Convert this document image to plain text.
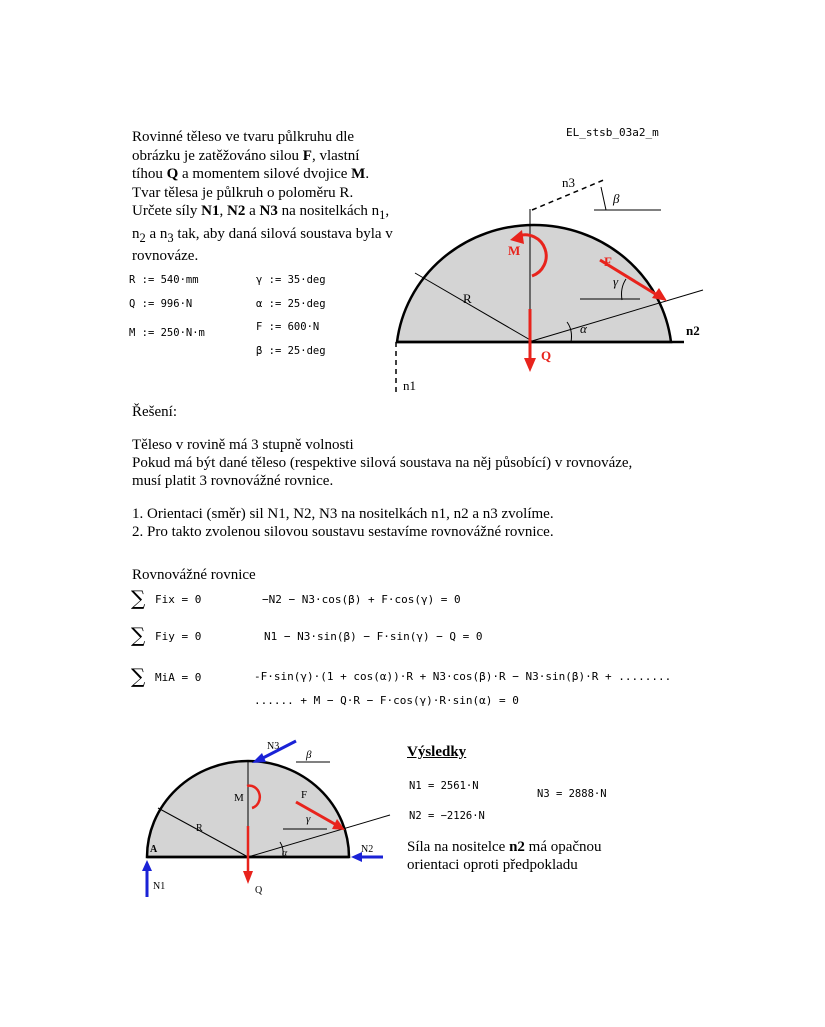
EL_stsb_03a2_m
Rovinné těleso ve tvaru půlkruhu dle obrázku je zatěžováno silou F, vlastní tíhou Q a momentem silové dvojice M. Tvar tělesa je půlkruh o poloměru R. Určete síly N1, N2 a N3 na nositelkách $n_1$, $n_2$ a $n_3$ tak, aby daná silová soustava byla v rovnováze.
R := 540·mm
Q := 996·N
M := 250·N·m
γ := 35·deg
α := 25·deg
F := 600·N
β := 25·deg
n3
β
M
F
R
γ
α	n2
Q
n1
Řešení:
Těleso v rovině má 3 stupně volnosti
Pokud má být dané těleso (respektive silová soustava na něj působící) v rovnováze,
musí platit 3 rovnovážné rovnice.
1. Orientaci (směr) sil N1, N2, N3 na nositelkách n1, n2 a n3 zvolíme.
2. Pro takto zvolenou silovou soustavu sestavíme rovnovážné rovnice.
Rovnovážné rovnice
∑ Fix = 0	−N2 − N3·cos(β) + F·cos(γ) = 0
∑ Fiy = 0	N1 − N3·sin(β) − F·sin(γ) − Q = 0
∑ MiA = 0	-F·sin(γ)·(1 + cos(α))·R + N3·cos(β)·R − N3·sin(β)·R + ........
...... + M − Q·R − F·cos(γ)·R·sin(α) = 0
N3
β
M	F
R
γ
α
A	N2
N1	Q
Výsledky
N1 = 2561·N
N3 = 2888·N
N2 = −2126·N
Síla na nositelce n2 má opačnou
orientaci oproti předpokladu
